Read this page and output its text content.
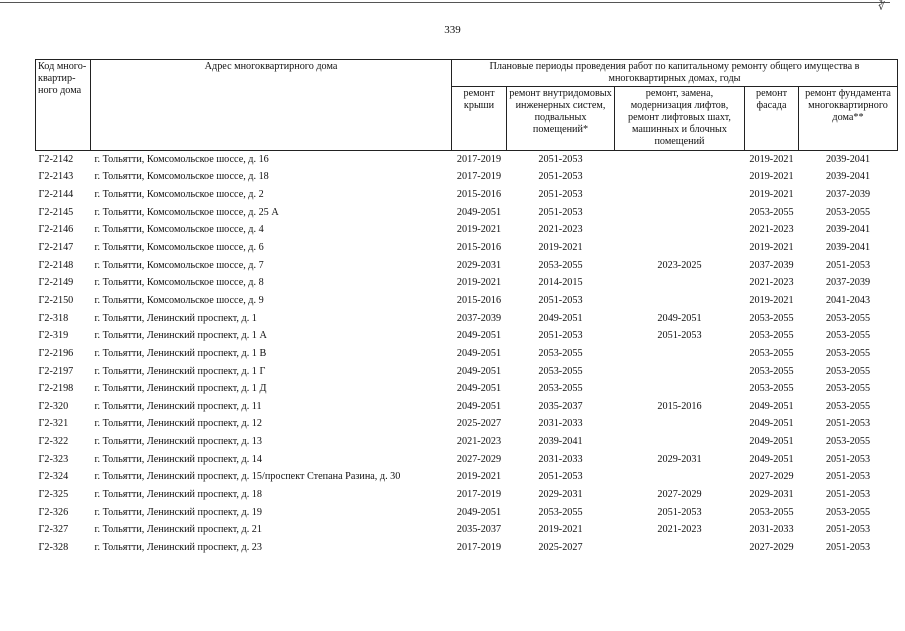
∛
339
Код много-квартир-ного дома	Адрес многоквартирного дома	Плановые периоды проведения работ по капитальному ремонту общего имущества в многоквартирных домах, годы				
		ремонт крыши	ремонт внутридомовых инженерных систем, подвальных помещений*	ремонт, замена, модернизация лифтов, ремонт лифтовых шахт, машинных и блочных помещений	ремонт фасада	ремонт фундамента многоквартирного дома**
Г2-2142	г. Тольятти, Комсомольское шоссе, д. 16	2017-2019	2051-2053		2019-2021	2039-2041
Г2-2143	г. Тольятти, Комсомольское шоссе, д. 18	2017-2019	2051-2053		2019-2021	2039-2041
Г2-2144	г. Тольятти, Комсомольское шоссе, д. 2	2015-2016	2051-2053		2019-2021	2037-2039
Г2-2145	г. Тольятти, Комсомольское шоссе, д. 25 А	2049-2051	2051-2053		2053-2055	2053-2055
Г2-2146	г. Тольятти, Комсомольское шоссе, д. 4	2019-2021	2021-2023		2021-2023	2039-2041
Г2-2147	г. Тольятти, Комсомольское шоссе, д. 6	2015-2016	2019-2021		2019-2021	2039-2041
Г2-2148	г. Тольятти, Комсомольское шоссе, д. 7	2029-2031	2053-2055	2023-2025	2037-2039	2051-2053
Г2-2149	г. Тольятти, Комсомольское шоссе, д. 8	2019-2021	2014-2015		2021-2023	2037-2039
Г2-2150	г. Тольятти, Комсомольское шоссе, д. 9	2015-2016	2051-2053		2019-2021	2041-2043
Г2-318	г. Тольятти, Ленинский проспект, д. 1	2037-2039	2049-2051	2049-2051	2053-2055	2053-2055
Г2-319	г. Тольятти, Ленинский проспект, д. 1 А	2049-2051	2051-2053	2051-2053	2053-2055	2053-2055
Г2-2196	г. Тольятти, Ленинский проспект, д. 1 В	2049-2051	2053-2055		2053-2055	2053-2055
Г2-2197	г. Тольятти, Ленинский проспект, д. 1 Г	2049-2051	2053-2055		2053-2055	2053-2055
Г2-2198	г. Тольятти, Ленинский проспект, д. 1 Д	2049-2051	2053-2055		2053-2055	2053-2055
Г2-320	г. Тольятти, Ленинский проспект, д. 11	2049-2051	2035-2037	2015-2016	2049-2051	2053-2055
Г2-321	г. Тольятти, Ленинский проспект, д. 12	2025-2027	2031-2033		2049-2051	2051-2053
Г2-322	г. Тольятти, Ленинский проспект, д. 13	2021-2023	2039-2041		2049-2051	2053-2055
Г2-323	г. Тольятти, Ленинский проспект, д. 14	2027-2029	2031-2033	2029-2031	2049-2051	2051-2053
Г2-324	г. Тольятти, Ленинский проспект, д. 15/проспект Степана Разина, д. 30	2019-2021	2051-2053		2027-2029	2051-2053
Г2-325	г. Тольятти, Ленинский проспект, д. 18	2017-2019	2029-2031	2027-2029	2029-2031	2051-2053
Г2-326	г. Тольятти, Ленинский проспект, д. 19	2049-2051	2053-2055	2051-2053	2053-2055	2053-2055
Г2-327	г. Тольятти, Ленинский проспект, д. 21	2035-2037	2019-2021	2021-2023	2031-2033	2051-2053
Г2-328	г. Тольятти, Ленинский проспект, д. 23	2017-2019	2025-2027		2027-2029	2051-2053
